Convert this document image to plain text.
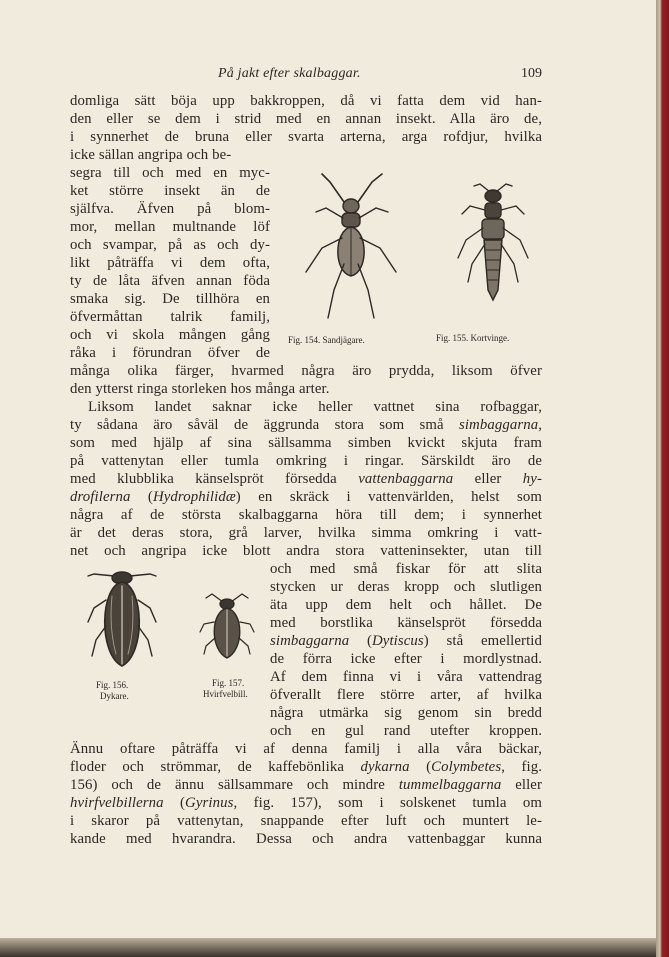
På jakt efter skalbaggar.	109
domliga sätt böja upp bakkroppen, då vi fatta dem vid han-
den eller se dem i strid med en annan insekt. Alla äro de,
i synnerhet de bruna eller svarta arterna, arga rofdjur, hvilka
icke sällan angripa och be-
segra till och med en myc-
ket större insekt än de
själfva. Äfven på blom-
mor, mellan multnande löf
och svampar, på as och dy-
likt påträffa vi dem ofta,
ty de låta äfven annan föda
smaka sig. De tillhöra en
öfvermåttan talrik familj,
och vi skola mången gång
råka i förundran öfver de
många olika färger, hvarmed några äro prydda, liksom öfver
den ytterst ringa storleken hos många arter.
Liksom landet saknar icke heller vattnet sina rofbaggar,
ty sådana äro såväl de äggrunda stora som små simbaggarna,
som med hjälp af sina sällsamma simben kvickt skjuta fram
på vattenytan eller tumla omkring i ringar. Särskildt äro de
med klubblika känselspröt försedda vattenbaggarna eller hy-
drofilerna (Hydrophilidæ) en skräck i vattenvärlden, helst som
några af de största skalbaggarna höra till dem; i synnerhet
är det deras stora, grå larver, hvilka simma omkring i vatt-
net och angripa icke blott andra stora vatteninsekter, utan till
och med små fiskar för att slita
stycken ur deras kropp och slutligen
äta upp dem helt och hållet. De
med borstlika känselspröt försedda
simbaggarna (Dytiscus) stå emellertid
de förra icke efter i mordlystnad.
Af dem finna vi i våra vattendrag
öfverallt flere större arter, af hvilka
några utmärka sig genom sin bredd
och en gul rand utefter kroppen.
Ännu oftare påträffa vi af denna familj i alla våra bäckar,
floder och strömmar, de kaffebönlika dykarna (Colymbetes, fig.
156) och de ännu sällsammare och mindre tummelbaggarna eller
hvirfvelbillerna (Gyrinus, fig. 157), som i solskenet tumla om
i skaror på vattenytan, snappande efter luft och muntert le-
kande med hvarandra. Dessa och andra vattenbaggar kunna
Fig. 154. Sandjägare.	Fig. 155. Kortvinge.
Fig. 156.
Dykare.
Fig. 157.
Hvirfvelbill.
